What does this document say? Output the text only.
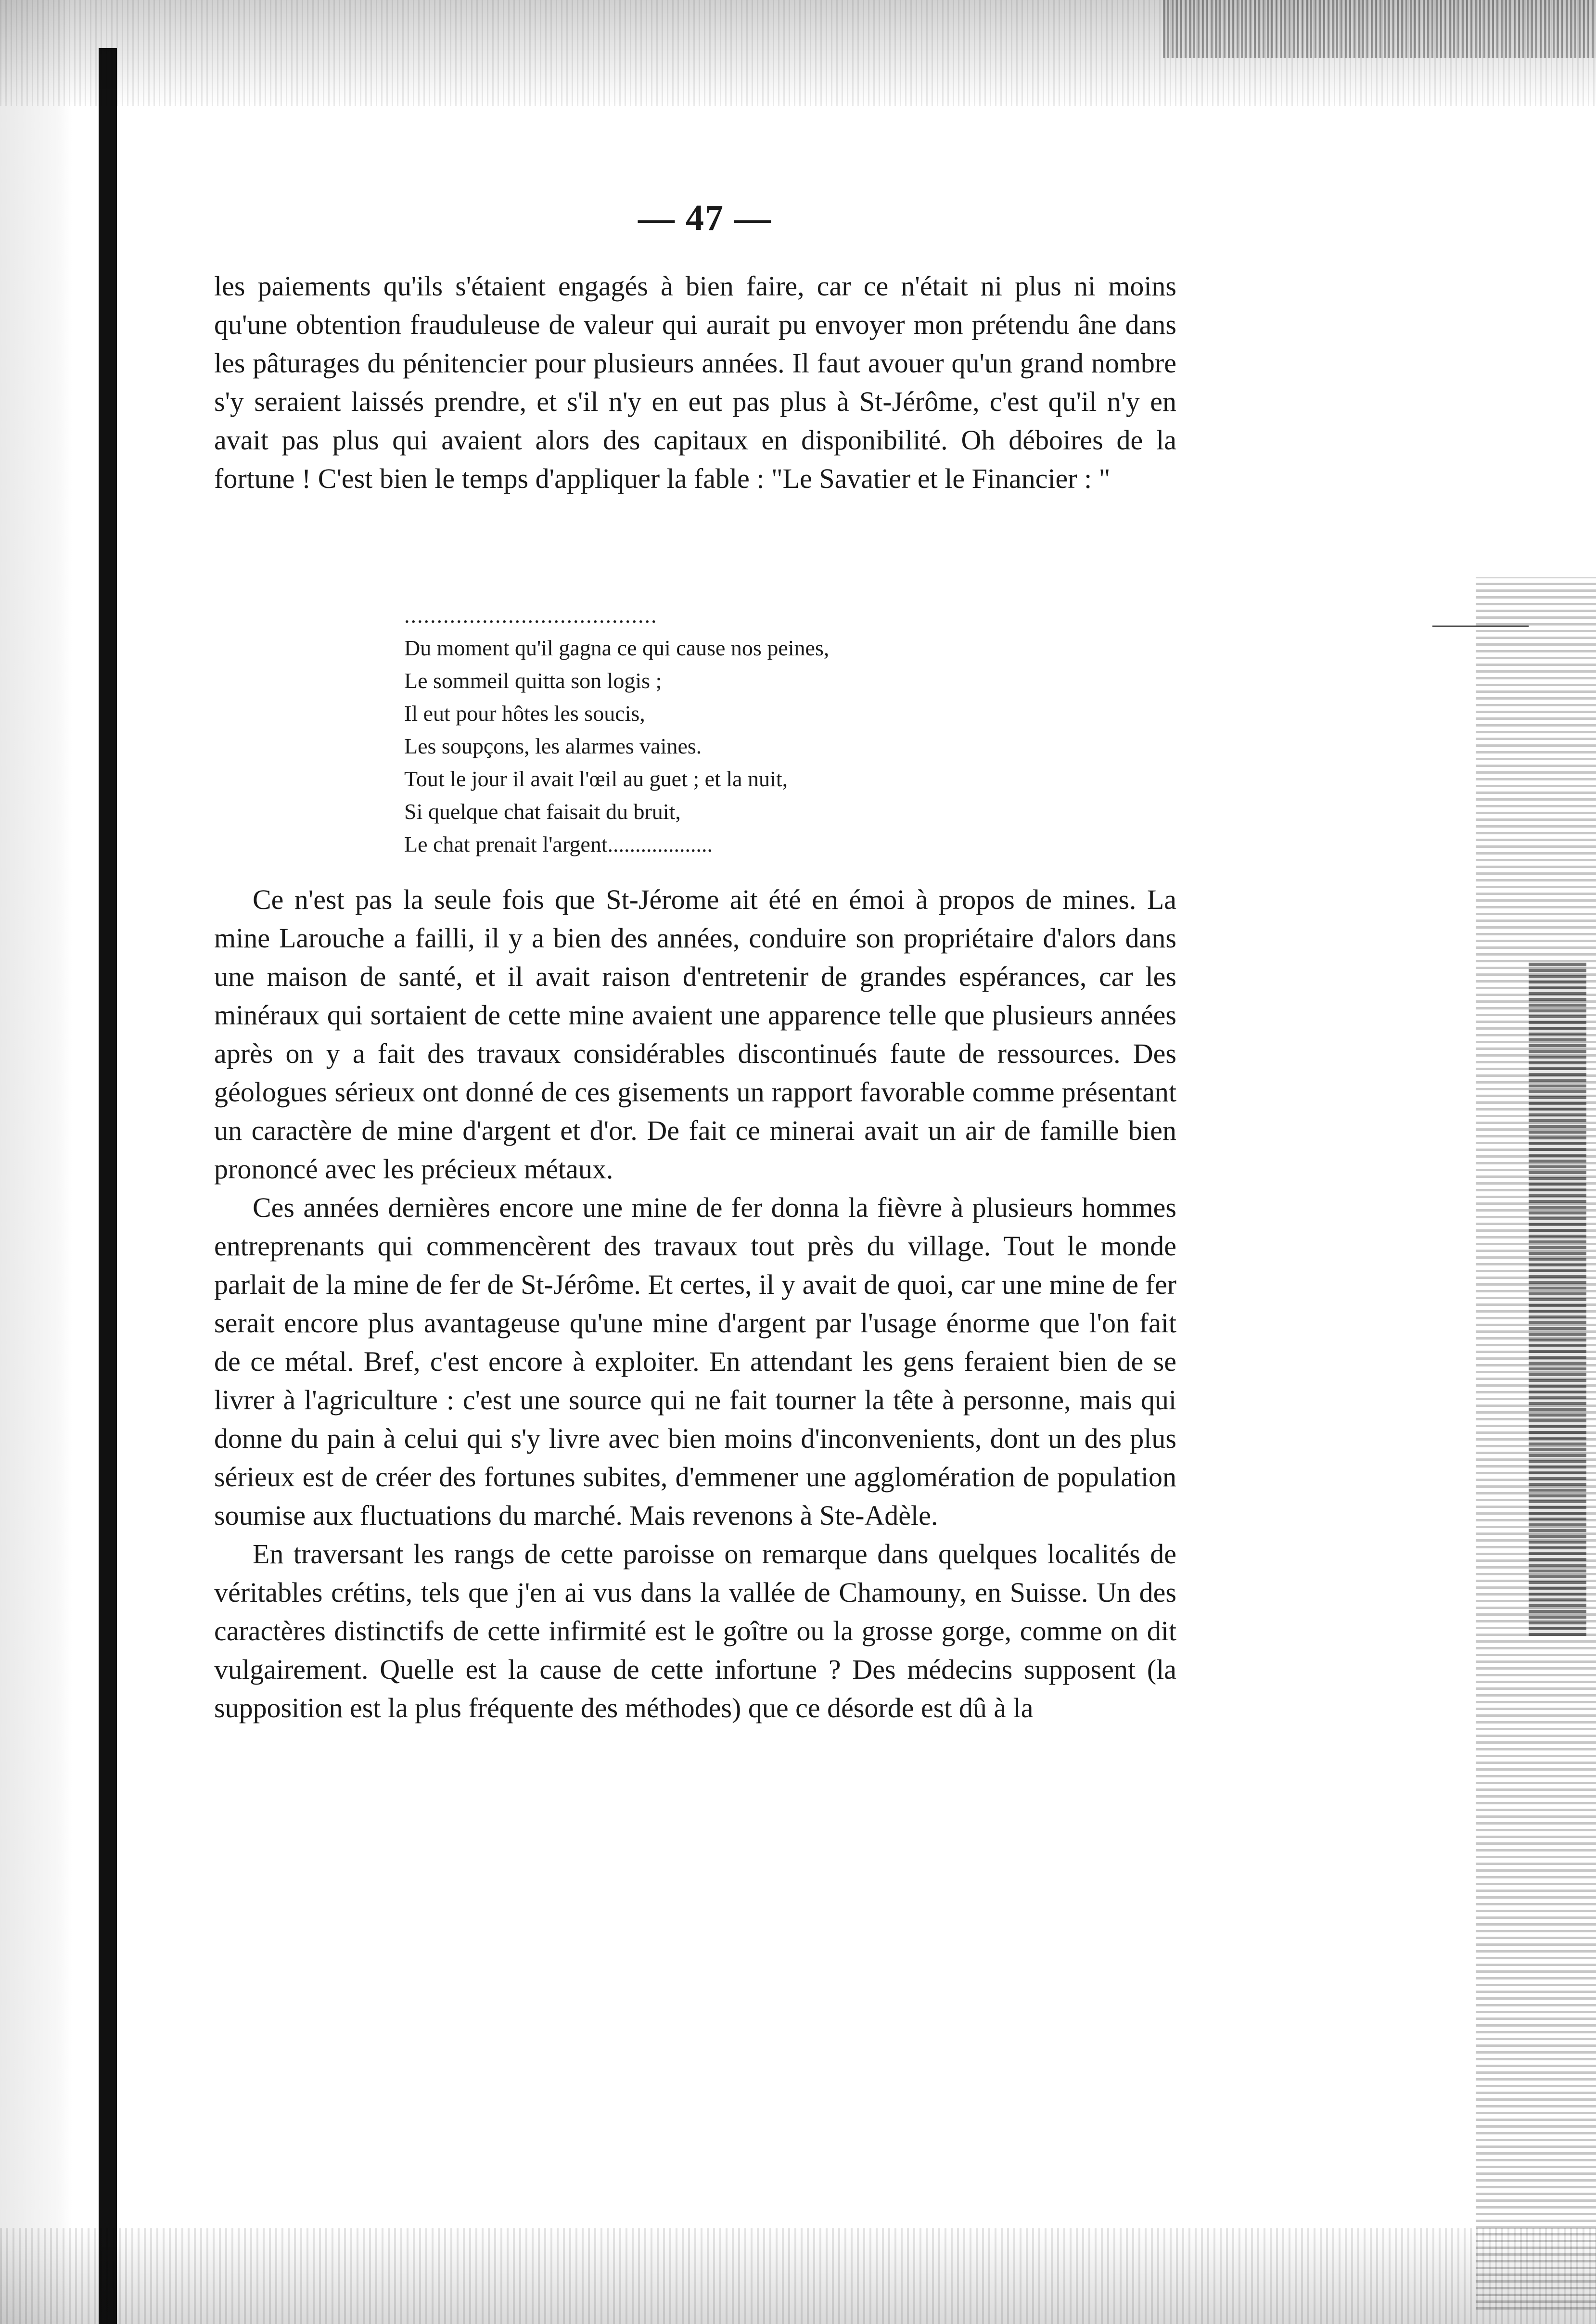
— 47 —

les paiements qu'ils s'étaient engagés à bien faire, car ce n'était ni plus ni moins qu'une obtention frauduleuse de valeur qui aurait pu envoyer mon prétendu âne dans les pâturages du pénitencier pour plusieurs années. Il faut avouer qu'un grand nombre s'y seraient laissés prendre, et s'il n'y en eut pas plus à St-Jérôme, c'est qu'il n'y en avait pas plus qui avaient alors des capitaux en disponibilité. Oh déboires de la fortune ! C'est bien le temps d'appliquer la fable : "Le Savatier et le Financier : "

.......................................
Du moment qu'il gagna ce qui cause nos peines,
Le sommeil quitta son logis ;
Il eut pour hôtes les soucis,
Les soupçons, les alarmes vaines.
Tout le jour il avait l'œil au guet ; et la nuit,
Si quelque chat faisait du bruit,
Le chat prenait l'argent...................

Ce n'est pas la seule fois que St-Jérome ait été en émoi à propos de mines. La mine Larouche a failli, il y a bien des années, conduire son propriétaire d'alors dans une maison de santé, et il avait raison d'entretenir de grandes espérances, car les minéraux qui sortaient de cette mine avaient une apparence telle que plusieurs années après on y a fait des travaux considérables discontinués faute de ressources. Des géologues sérieux ont donné de ces gisements un rapport favorable comme présentant un caractère de mine d'argent et d'or. De fait ce minerai avait un air de famille bien prononcé avec les précieux métaux.

Ces années dernières encore une mine de fer donna la fièvre à plusieurs hommes entreprenants qui commencèrent des travaux tout près du village. Tout le monde parlait de la mine de fer de St-Jérôme. Et certes, il y avait de quoi, car une mine de fer serait encore plus avantageuse qu'une mine d'argent par l'usage énorme que l'on fait de ce métal. Bref, c'est encore à exploiter. En attendant les gens feraient bien de se livrer à l'agriculture : c'est une source qui ne fait tourner la tête à personne, mais qui donne du pain à celui qui s'y livre avec bien moins d'inconvenients, dont un des plus sérieux est de créer des fortunes subites, d'emmener une agglomération de population soumise aux fluctuations du marché. Mais revenons à Ste-Adèle.

En traversant les rangs de cette paroisse on remarque dans quelques localités de véritables crétins, tels que j'en ai vus dans la vallée de Chamouny, en Suisse. Un des caractères distinctifs de cette infirmité est le goître ou la grosse gorge, comme on dit vulgairement. Quelle est la cause de cette infortune ? Des médecins supposent (la supposition est la plus fréquente des méthodes) que ce désorde est dû à la
